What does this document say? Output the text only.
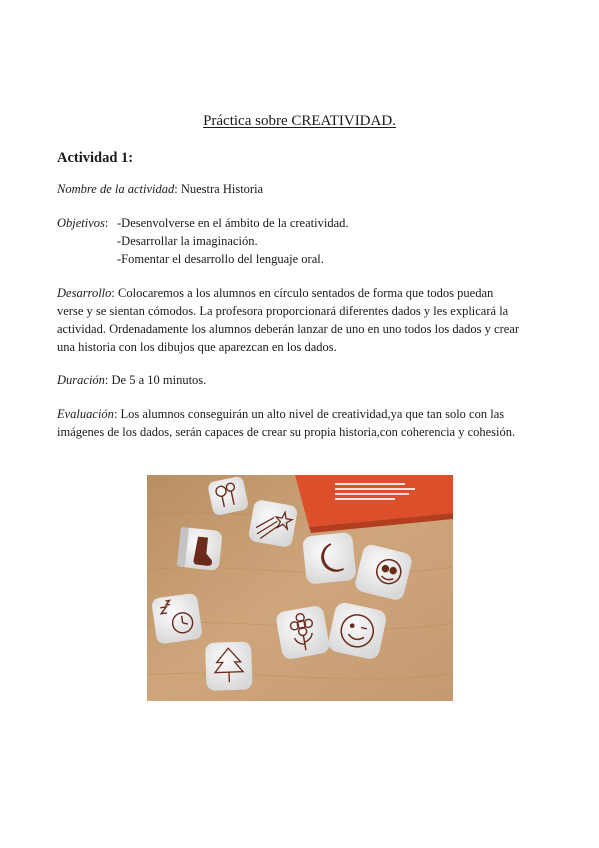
Práctica sobre CREATIVIDAD.
Actividad 1:
Nombre de la actividad: Nuestra Historia
Objetivos: -Desenvolverse en el ámbito de la creatividad.
-Desarrollar la imaginación.
-Fomentar el desarrollo del lenguaje oral.
Desarrollo: Colocaremos a los alumnos en círculo sentados de forma que todos puedan
verse y se sientan cómodos. La profesora proporcionará diferentes dados y les explicará la
actividad. Ordenadamente los alumnos deberán lanzar de uno en uno todos los dados y crear
una historia con los dibujos que aparezcan en los dados.
Duración: De 5 a 10 minutos.
Evaluación: Los alumnos conseguirán un alto nivel de creatividad,ya que tan solo con las
imágenes de los dados, serán capaces de crear su propia historia,con coherencia y cohesión.
